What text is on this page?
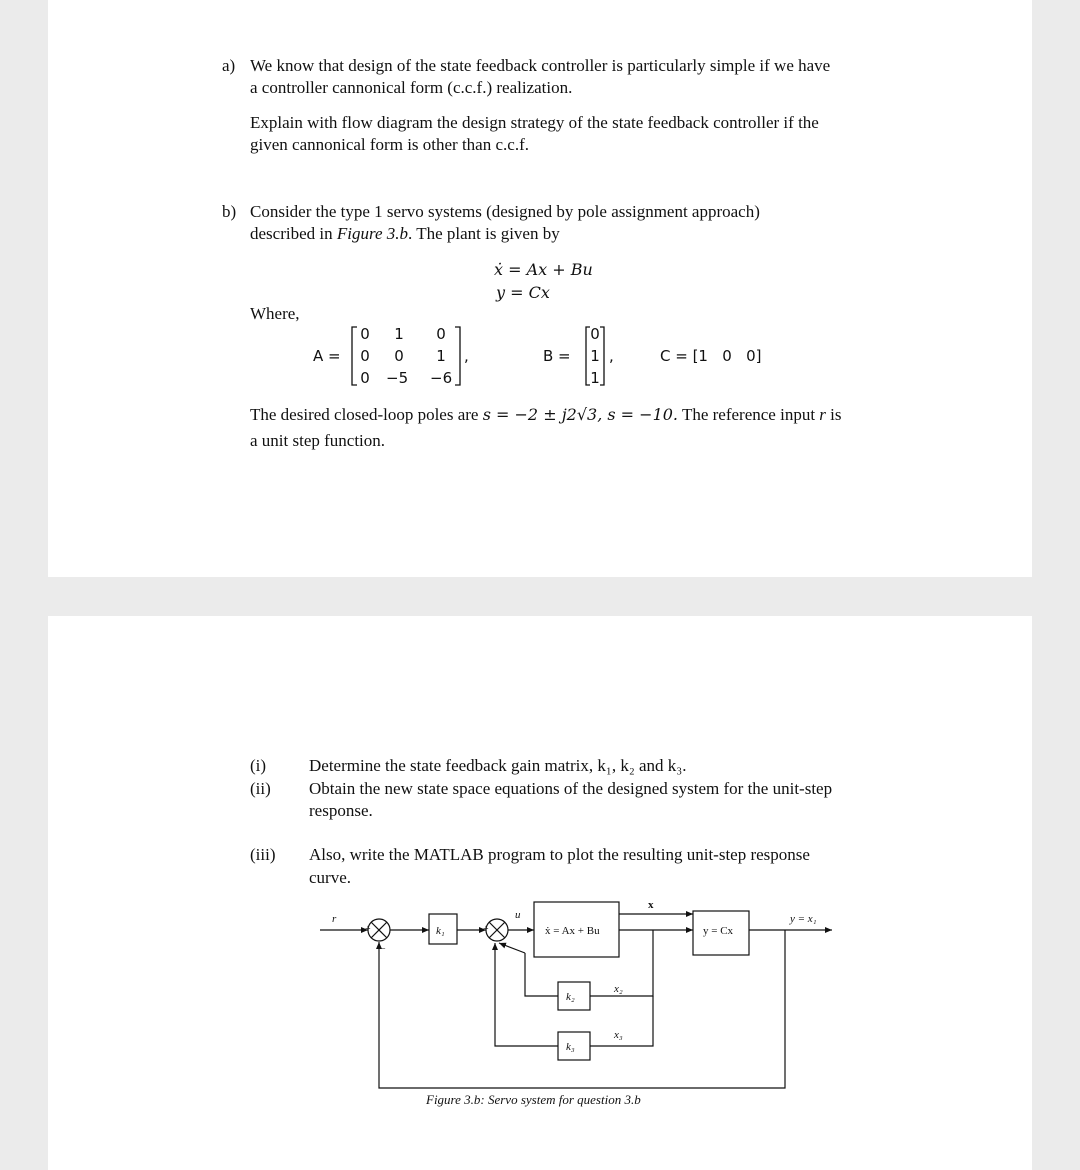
a) We know that design of the state feedback controller is particularly simple if we have
a controller cannonical form (c.c.f.) realization.
Explain with flow diagram the design strategy of the state feedback controller if the
given cannonical form is other than c.c.f.
b) Consider the type 1 servo systems (designed by pole assignment approach)
described in Figure 3.b. The plant is given by
ẋ = Ax + Bu
y = Cx
Where,
A =
0	1	0
0	0	1
0	−5 −6
,	B =
0
1
1
,	C = [1   0   0]
The desired closed-loop poles are s = −2 ± j2√3, s = −10. The reference input r is
a unit step function.
(i)	Determine the state feedback gain matrix, k₁, k₂ and k₃.
(ii) Obtain the new state space equations of the designed system for the unit-step
response.
(iii) Also, write the MATLAB program to plot the resulting unit-step response
curve.
r	u
x
y = x₁
+
−
+
k₁
k₂
k₃
ẋ = Ax + Bu	y = Cx
x₂
x₃
Figure 3.b: Servo system for question 3.b
